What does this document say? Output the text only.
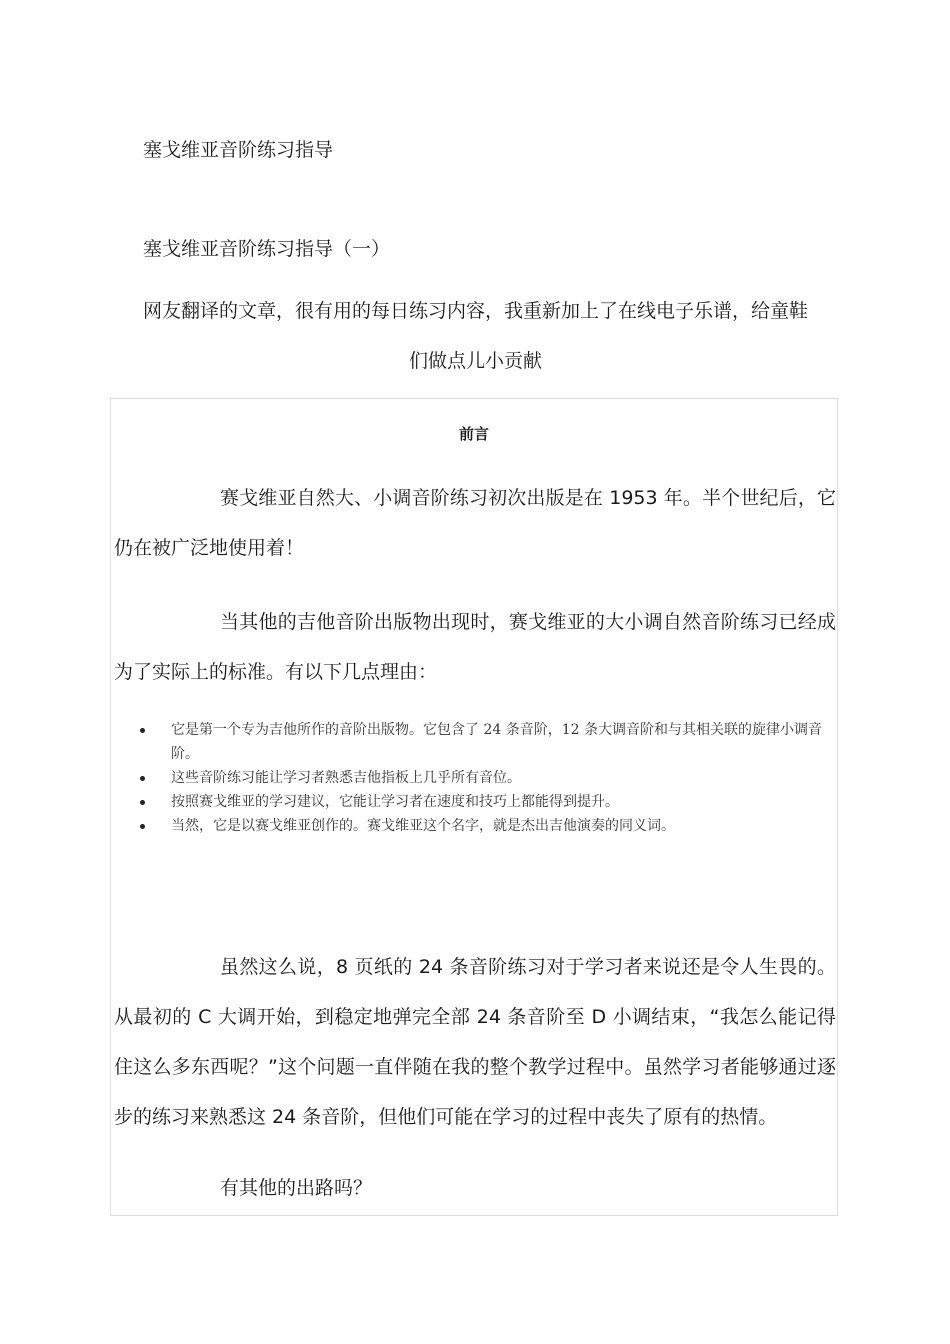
塞戈维亚音阶练习指导
塞戈维亚音阶练习指导（一）

网友翻译的文章，很有用的每日练习内容，我重新加上了在线电子乐谱，给童鞋
们做点儿小贡献

前言

赛戈维亚自然大、小调音阶练习初次出版是在 1953 年。半个世纪后，它仍在被广泛地使用着！

当其他的吉他音阶出版物出现时，赛戈维亚的大小调自然音阶练习已经成为了实际上的标准。有以下几点理由：

它是第一个专为吉他所作的音阶出版物。它包含了 24 条音阶，12 条大调音阶和与其相关联的旋律小调音阶。
这些音阶练习能让学习者熟悉吉他指板上几乎所有音位。
按照赛戈维亚的学习建议，它能让学习者在速度和技巧上都能得到提升。
当然，它是以赛戈维亚创作的。赛戈维亚这个名字，就是杰出吉他演奏的同义词。

虽然这么说，8 页纸的 24 条音阶练习对于学习者来说还是令人生畏的。从最初的 C 大调开始，到稳定地弹完全部 24 条音阶至 D 小调结束，“我怎么能记得住这么多东西呢？”这个问题一直伴随在我的整个教学过程中。虽然学习者能够通过逐步的练习来熟悉这 24 条音阶，但他们可能在学习的过程中丧失了原有的热情。

有其他的出路吗？
